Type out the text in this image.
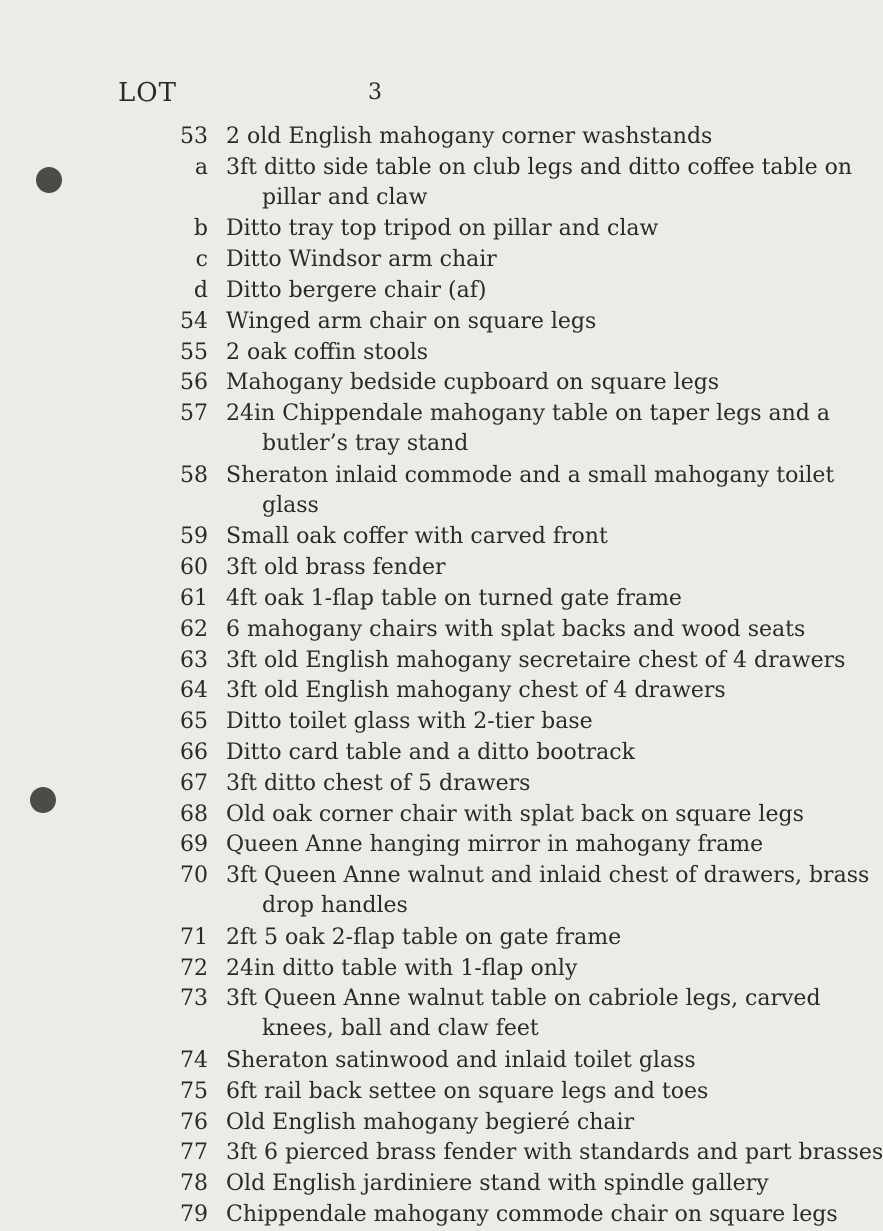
LOT	3
53 2 old English mahogany corner washstands
a 3ft ditto side table on club legs and ditto coffee table on
pillar and claw
b Ditto tray top tripod on pillar and claw
c Ditto Windsor arm chair
d Ditto bergere chair (af)
54 Winged arm chair on square legs
55 2 oak coffin stools
56 Mahogany bedside cupboard on square legs
57 24in Chippendale mahogany table on taper legs and a
butler’s tray stand
58 Sheraton inlaid commode and a small mahogany toilet
glass
59 Small oak coffer with carved front
60 3ft old brass fender
61 4ft oak 1-flap table on turned gate frame
62 6 mahogany chairs with splat backs and wood seats
63 3ft old English mahogany secretaire chest of 4 drawers
64 3ft old English mahogany chest of 4 drawers
65 Ditto toilet glass with 2-tier base
66 Ditto card table and a ditto bootrack
67 3ft ditto chest of 5 drawers
68 Old oak corner chair with splat back on square legs
69 Queen Anne hanging mirror in mahogany frame
70 3ft Queen Anne walnut and inlaid chest of drawers, brass
drop handles
71 2ft 5 oak 2-flap table on gate frame
72 24in ditto table with 1-flap only
73 3ft Queen Anne walnut table on cabriole legs, carved
knees, ball and claw feet
74 Sheraton satinwood and inlaid toilet glass
75 6ft rail back settee on square legs and toes
76 Old English mahogany begieré chair
77 3ft 6 pierced brass fender with standards and part brasses
78 Old English jardiniere stand with spindle gallery
79 Chippendale mahogany commode chair on square legs
